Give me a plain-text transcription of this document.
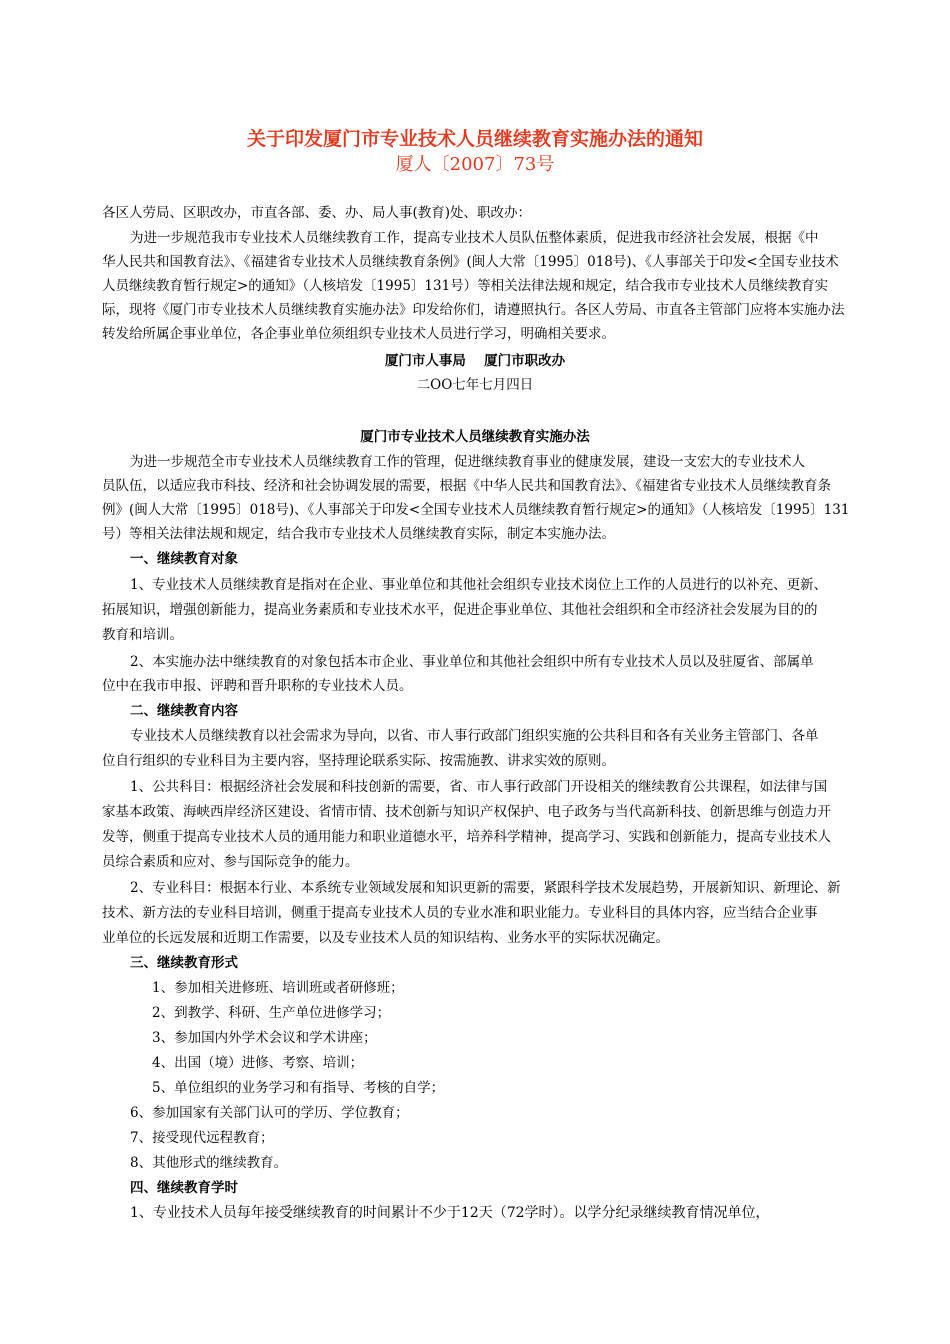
关于印发厦门市专业技术人员继续教育实施办法的通知
厦人〔2007〕73号
各区人劳局、区职改办，市直各部、委、办、局人事(教育)处、职改办：
为进一步规范我市专业技术人员继续教育工作，提高专业技术人员队伍整体素质，促进我市经济社会发展，根据《中
华人民共和国教育法》、《福建省专业技术人员继续教育条例》(闽人大常〔1995〕018号)、《人事部关于印发<全国专业技术
人员继续教育暂行规定>的通知》（人核培发〔1995〕131号）等相关法律法规和规定，结合我市专业技术人员继续教育实
际，现将《厦门市专业技术人员继续教育实施办法》印发给你们，请遵照执行。各区人劳局、市直各主管部门应将本实施办法
转发给所属企事业单位，各企事业单位须组织专业技术人员进行学习，明确相关要求。
厦门市人事局　 厦门市职改办
二OO七年七月四日
厦门市专业技术人员继续教育实施办法
为进一步规范全市专业技术人员继续教育工作的管理，促进继续教育事业的健康发展，建设一支宏大的专业技术人
员队伍，以适应我市科技、经济和社会协调发展的需要，根据《中华人民共和国教育法》、《福建省专业技术人员继续教育条
例》(闽人大常〔1995〕018号)、《人事部关于印发<全国专业技术人员继续教育暂行规定>的通知》（人核培发〔1995〕131
号）等相关法律法规和规定，结合我市专业技术人员继续教育实际，制定本实施办法。
一、继续教育对象
1、专业技术人员继续教育是指对在企业、事业单位和其他社会组织专业技术岗位上工作的人员进行的以补充、更新、
拓展知识，增强创新能力，提高业务素质和专业技术水平，促进企事业单位、其他社会组织和全市经济社会发展为目的的
教育和培训。
2、本实施办法中继续教育的对象包括本市企业、事业单位和其他社会组织中所有专业技术人员以及驻厦省、部属单
位中在我市申报、评聘和晋升职称的专业技术人员。
二、继续教育内容
专业技术人员继续教育以社会需求为导向，以省、市人事行政部门组织实施的公共科目和各有关业务主管部门、各单
位自行组织的专业科目为主要内容，坚持理论联系实际、按需施教、讲求实效的原则。
1、公共科目：根据经济社会发展和科技创新的需要，省、市人事行政部门开设相关的继续教育公共课程，如法律与国
家基本政策、海峡西岸经济区建设、省情市情、技术创新与知识产权保护、电子政务与当代高新科技、创新思维与创造力开
发等，侧重于提高专业技术人员的通用能力和职业道德水平，培养科学精神，提高学习、实践和创新能力，提高专业技术人
员综合素质和应对、参与国际竞争的能力。
2、专业科目：根据本行业、本系统专业领域发展和知识更新的需要，紧跟科学技术发展趋势，开展新知识、新理论、新
技术、新方法的专业科目培训，侧重于提高专业技术人员的专业水准和职业能力。专业科目的具体内容，应当结合企业事
业单位的长远发展和近期工作需要，以及专业技术人员的知识结构、业务水平的实际状况确定。
三、继续教育形式
1、参加相关进修班、培训班或者研修班；
2、到教学、科研、生产单位进修学习；
3、参加国内外学术会议和学术讲座；
4、出国（境）进修、考察、培训；
5、单位组织的业务学习和有指导、考核的自学；
6、参加国家有关部门认可的学历、学位教育；
7、接受现代远程教育；
8、其他形式的继续教育。
四、继续教育学时
1、专业技术人员每年接受继续教育的时间累计不少于12天（72学时）。以学分纪录继续教育情况单位，
